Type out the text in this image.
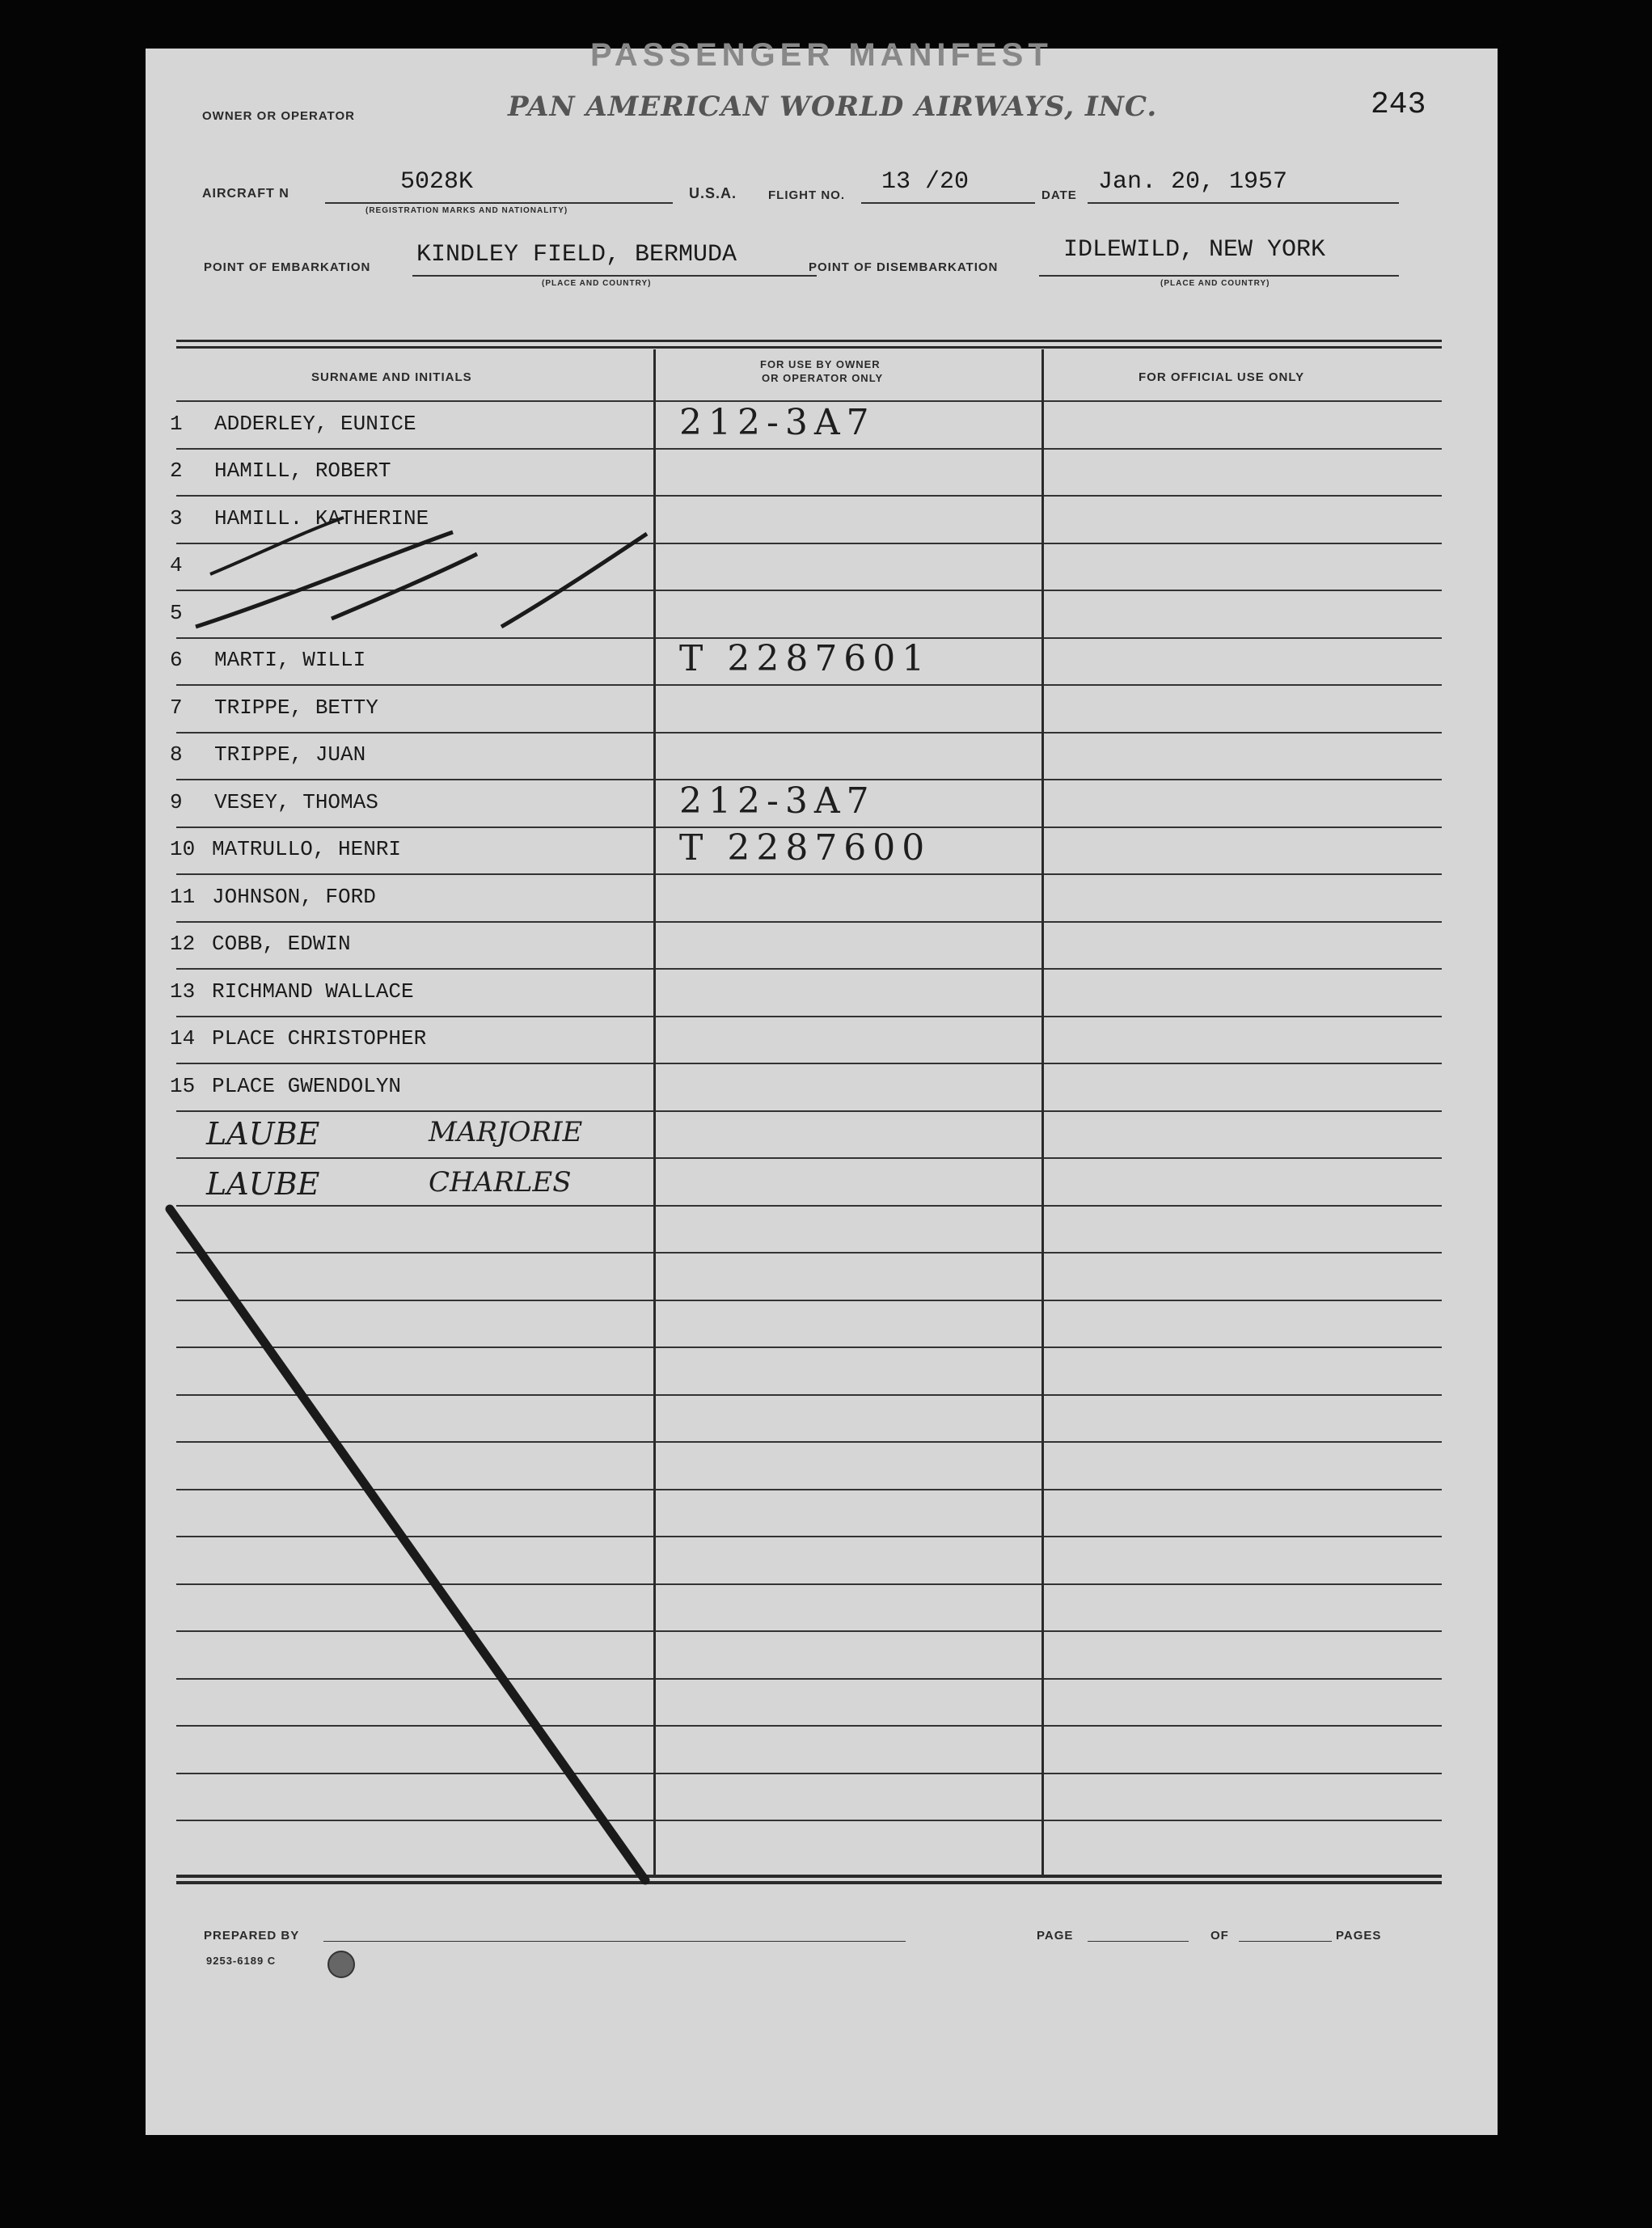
PASSENGER MANIFEST
OWNER OR OPERATOR	PAN AMERICAN WORLD AIRWAYS, INC.	243
AIRCRAFT N	5028K
(REGISTRATION MARKS AND NATIONALITY)
U.S.A.	FLIGHT NO. 13 /20	DATE Jan. 20, 1957
POINT OF EMBARKATION KINDLEY FIELD, BERMUDA
(PLACE AND COUNTRY)
POINT OF DISEMBARKATION
IDLEWILD, NEW YORK
(PLACE AND COUNTRY)
SURNAME AND INITIALS
FOR USE BY OWNER
OR OPERATOR ONLY	FOR OFFICIAL USE ONLY
1 ADDERLEY, EUNICE	212-3A7
2 HAMILL, ROBERT
3 HAMILL. KATHERINE
4
5
6 MARTI, WILLI	T 2287601
7 TRIPPE, BETTY
8 TRIPPE, JUAN
9 VESEY, THOMAS	212-3A7
10 MATRULLO, HENRI	T 2287600
11 JOHNSON, FORD
12 COBB, EDWIN
13 RICHMAND WALLACE
14 PLACE CHRISTOPHER
15 PLACE GWENDOLYN
LAUBE	MARJORIE
LAUBE	CHARLES
PREPARED BY
9253-6189 C
PAGE	OF	PAGES
